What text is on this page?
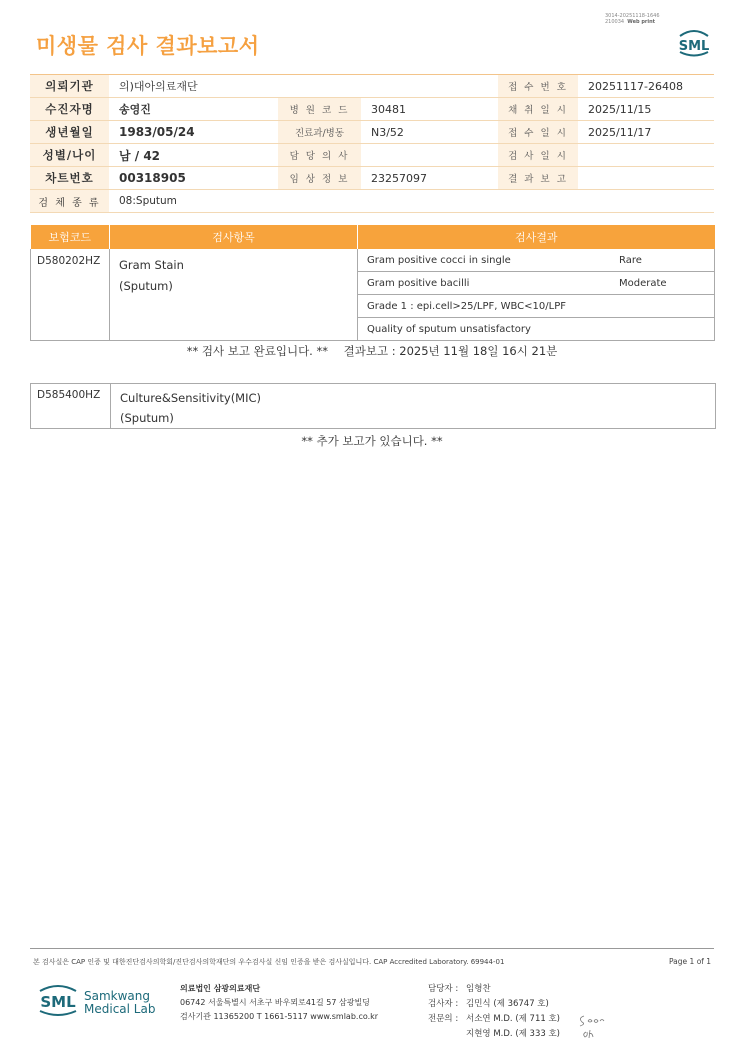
3014-20251118-1646
210034 Web print
미생물 검사 결과보고서	SML
의뢰기관	의)대아의료재단			접 수 번 호	20251117-26408
수진자명	송영진	병 원 코 드	30481	채 취 일 시	2025/11/15
생년월일	1983/05/24	진료과/병동	N3/52	접 수 일 시	2025/11/17
성별/나이	남 / 42	담 당 의 사		검 사 일 시	
차트번호	00318905	임 상 정 보	23257097	결 과 보 고	
검 체 종 류	08:Sputum				
보험코드	검사항목	검사결과
D580202HZ	Gram Stain
(Sputum)

Gram positive cocci in single	Rare
Gram positive bacilli	Moderate
Grade 1 : epi.cell>25/LPF, WBC<10/LPF
Quality of sputum unsatisfactory
** 검사 보고 완료입니다. ** 결과보고 : 2025년 11월 18일 16시 21분
D585400HZ Culture&Sensitivity(MIC)
(Sputum)
** 추가 보고가 있습니다. **
본 검사실은 CAP 인증 및 대한진단검사의학회/진단검사의학재단의 우수검사실 신임 인증을 받은 검사실입니다. CAP Accredited Laboratory. 69944-01	Page 1 of 1
SML Samkwang
Medical Lab
의료법인 삼광의료재단
06742 서울특별시 서초구 바우뫼로41길 57 삼광빌딩
검사기관 11365200 T 1661-5117 www.smlab.co.kr
담당자 : 임형찬
검사자 : 김민식 (제 36747 호)
전문의 : 서소연 M.D. (제 711 호)
지현영 M.D. (제 333 호)
